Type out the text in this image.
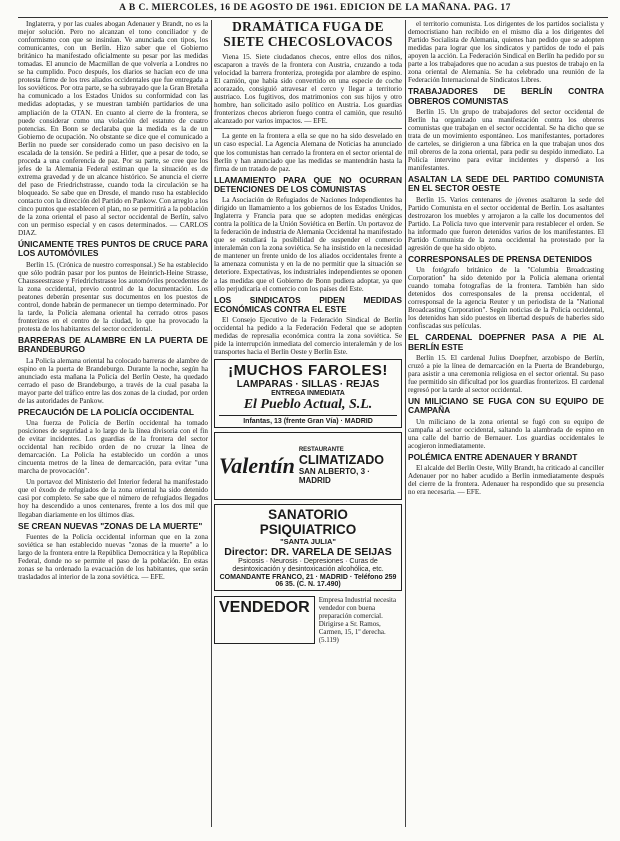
A B C. MIERCOLES, 16 DE AGOSTO DE 1961. EDICION DE LA MAÑANA. PAG. 17

Inglaterra, y por las cuales abogan Adenauer y Brandt, no es la mejor solución. Pero no alcanzan el tono conciliador y de conformismo con que se insinúan. Ve anunciada con tipos, los comunicantes, con un Berlín. Hizo saber que el Gobierno británico ha manifestado oficialmente su pesar por las medidas tomadas. El anuncio de Macmillan de que volvería a Londres no se ha cumplido. Poco después, los diarios se hacían eco de una protesta firme de los tres aliados occidentales que fue entregada a los soviéticos. Por otra parte, se ha subrayado que la Gran Bretaña ha comunicado a los Estados Unidos su conformidad con las medidas adoptadas, y se muestran también partidarios de una ampliación de la OTAN. En cuanto al cierre de la frontera, se puede considerar como una violación del estatuto de cuatro potencias. En Bonn se declaraba que la medida es la de un Gobierno de ocupación. No obstante se dice que el comunicado a Berlín no puede ser considerado como un paso decisivo en la escalada de la tensión. Se pedirá a Hitler, que a pesar de todo, se proceda a una conferencia de paz. Por su parte, se cree que los jefes de la Alemania Federal estiman que la situación es de extrema gravedad y de un alcance histórico. Se anuncia el cierre del paso de Friedrichstrasse, cuando toda la circulación se ha bloqueado. Se sabe que en Dresde, el mando ruso ha establecido contacto con la dirección del Partido en Pankow. Con arreglo a los cinco puntos que establecen el plan, no se permitirá a la población de la zona oriental el paso al sector occidental de Berlín, salvo con un permiso especial y en casos determinados. — CARLOS DIAZ.

ÚNICAMENTE TRES PUNTOS DE CRUCE PARA LOS AUTOMÓVILES

Berlín 15. (Crónica de nuestro corresponsal.) Se ha establecido que sólo podrán pasar por los puntos de Heinrich-Heine Strasse, Chausseestrasse y Friedrichstrasse los automóviles procedentes de la zona occidental, previo control de la documentación. Los peatones deberán presentar sus documentos en los puestos de control, donde habrán de permanecer un tiempo determinado. Por la tarde, la Policía alemana oriental ha cerrado otros pasos fronterizos en el centro de la ciudad, lo que ha provocado la protesta de los habitantes del sector occidental.

BARRERAS DE ALAMBRE EN LA PUERTA DE BRANDEBURGO

La Policía alemana oriental ha colocado barreras de alambre de espino en la puerta de Brandeburgo. Durante la noche, según ha anunciado esta mañana la Policía del Berlín Oeste, ha quedado cerrado el paso de Brandeburgo, a través de la cual pasaba la mayor parte del tráfico entre las dos zonas de la ciudad, por orden de las autoridades de Pankow.

PRECAUCIÓN DE LA POLICÍA OCCIDENTAL

Una fuerza de Policía de Berlín occidental ha tomado posiciones de seguridad a lo largo de la línea divisoria con el fin de evitar incidentes. Los guardias de la frontera del sector occidental han recibido orden de no cruzar la línea de demarcación. La Policía ha establecido un cordón a unos cincuenta metros de la línea de demarcación, para evitar "una marcha de provocación".

Un portavoz del Ministerio del Interior federal ha manifestado que el éxodo de refugiados de la zona oriental ha sido detenido casi por completo. Se sabe que el número de refugiados llegados hoy ha descendido a unos centenares, frente a los dos mil que llegaban diariamente en los últimos días.

SE CREAN NUEVAS "ZONAS DE LA MUERTE"

Fuentes de la Policía occidental informan que en la zona soviética se han establecido nuevas "zonas de la muerte" a lo largo de la frontera entre la República Democrática y la República Federal, donde no se permite el paso de la población. En estas zonas se ha ordenado la evacuación de los habitantes, que serán trasladados al interior de la zona soviética. — EFE.

DRAMÁTICA FUGA DE SIETE CHECOSLOVACOS

Viena 15. Siete ciudadanos checos, entre ellos dos niños, escaparon a través de la frontera con Austria, cruzando a toda velocidad la barrera fronteriza, protegida por alambre de espino. El camión, que había sido convertido en una especie de coche acorazado, consiguió atravesar el cerco y llegar a territorio austriaco. Los fugitivos, dos matrimonios con sus hijos y otro hombre, han solicitado asilo político en Austria. Los guardias fronterizos checos abrieron fuego contra el camión, que resultó alcanzado por varios impactos. — EFE.

La gente en la frontera a ella se que no ha sido desvelado en un caso especial. La Agencia Alemana de Noticias ha anunciado que los comunistas han cerrado la frontera en el sector oriental de Berlín y han anunciado que las medidas se mantendrán hasta la firma de un tratado de paz.

LLAMAMIENTO PARA QUE NO OCURRAN DETENCIONES DE LOS COMUNISTAS

La Asociación de Refugiados de Naciones Independientes ha dirigido un llamamiento a los gobiernos de los Estados Unidos, Inglaterra y Francia para que se adopten medidas enérgicas contra la política de la Unión Soviética en Berlín. Un portavoz de la federación de industria de Alemania Occidental ha manifestado que se estudiará la posibilidad de suspender el comercio interalemán con la zona soviética. Se ha insistido en la necesidad de mantener un frente unido de los aliados occidentales frente a la amenaza comunista y en la de no permitir que la situación se deteriore. Expectativas, los industriales independientes se oponen a las medidas que el Gobierno de Bonn pudiera adoptar, ya que ello perjudicaría el comercio con los países del Este.

LOS SINDICATOS PIDEN MEDIDAS ECONÓMICAS CONTRA EL ESTE

El Consejo Ejecutivo de la Federación Sindical de Berlín occidental ha pedido a la Federación Federal que se adopten medidas de represalia económica contra la zona soviética. Se pide la interrupción inmediata del comercio interalemán y de los transportes hacia el Berlín Oeste y Berlín Este.

¡MUCHOS FAROLES!
LAMPARAS · SILLAS · REJAS
ENTREGA INMEDIATA
El Pueblo Actual, S.L.
Infantas, 13 (frente Gran Vía) · MADRID
Valentín
RESTAURANTE
CLIMATIZADO
SAN ALBERTO, 3 · MADRID
SANATORIO PSIQUIATRICO
"SANTA JULIA"
Director: DR. VARELA DE SEIJAS
Psicosis · Neurosis · Depresiones · Curas de desintoxicación y desintoxicación alcohólica, etc.
COMANDANTE FRANCO, 21 · MADRID · Teléfono 259 06 35. (C. N. 17.490)
VENDEDOR	Empresa Industrial necesita vendedor con buena preparación comercial. Dirigirse a Sr. Ramos, Carmen, 15, 1º derecha. (5.119)

el territorio comunista. Los dirigentes de los partidos socialista y democristiano han recibido en el mismo día a los dirigentes del Partido Socialista de Alemania, quienes han pedido que se adopten medidas para lograr que los sindicatos y partidos de todo el país apoyen la acción. La Federación Sindical en Berlín ha pedido por su parte a los trabajadores que no acudan a sus puestos de trabajo en la zona oriental de Alemania. Se ha celebrado una reunión de la Federación Internacional de Sindicatos Libres.

TRABAJADORES DE BERLÍN CONTRA OBREROS COMUNISTAS

Berlín 15. Un grupo de trabajadores del sector occidental de Berlín ha organizado una manifestación contra los obreros comunistas que trabajan en el sector occidental. Se ha dicho que se trata de un movimiento espontáneo. Los manifestantes, portadores de carteles, se dirigieron a una fábrica en la que trabajan unos dos mil obreros de la zona oriental, para pedir su despido inmediato. La Policía intervino para evitar incidentes y dispersó a los manifestantes.

ASALTAN LA SEDE DEL PARTIDO COMUNISTA EN EL SECTOR OESTE

Berlín 15. Varios centenares de jóvenes asaltaron la sede del Partido Comunista en el sector occidental de Berlín. Los asaltantes destrozaron los muebles y arrojaron a la calle los documentos del Partido. La Policía tuvo que intervenir para restablecer el orden. Se ha informado que fueron detenidos varios de los manifestantes. El Partido Comunista de la zona occidental ha protestado por la agresión de que ha sido objeto.

CORRESPONSALES DE PRENSA DETENIDOS

Un fotógrafo británico de la "Columbia Broadcasting Corporation" ha sido detenido por la Policía alemana oriental cuando tomaba fotografías de la frontera. También han sido detenidos dos corresponsales de la prensa occidental, el corresponsal de la agencia Reuter y un periodista de la "National Broadcasting Corporation". Según noticias de la Policía occidental, los detenidos han sido puestos en libertad después de haberles sido confiscadas sus películas.

EL CARDENAL DOEPFNER PASA A PIE AL BERLÍN ESTE

Berlín 15. El cardenal Julius Doepfner, arzobispo de Berlín, cruzó a pie la línea de demarcación en la Puerta de Brandeburgo, para asistir a una ceremonia religiosa en el sector oriental. Su paso fue permitido sin dificultad por los guardias fronterizos. El cardenal regresó por la tarde al sector occidental.

UN MILICIANO SE FUGA CON SU EQUIPO DE CAMPAÑA

Un miliciano de la zona oriental se fugó con su equipo de campaña al sector occidental, saltando la alambrada de espino en una calle del barrio de Bernauer. Los guardias occidentales le acogieron inmediatamente.

POLÉMICA ENTRE ADENAUER Y BRANDT

El alcalde del Berlín Oeste, Willy Brandt, ha criticado al canciller Adenauer por no haber acudido a Berlín inmediatamente después del cierre de la frontera. Adenauer ha respondido que su presencia no era necesaria. — EFE.
